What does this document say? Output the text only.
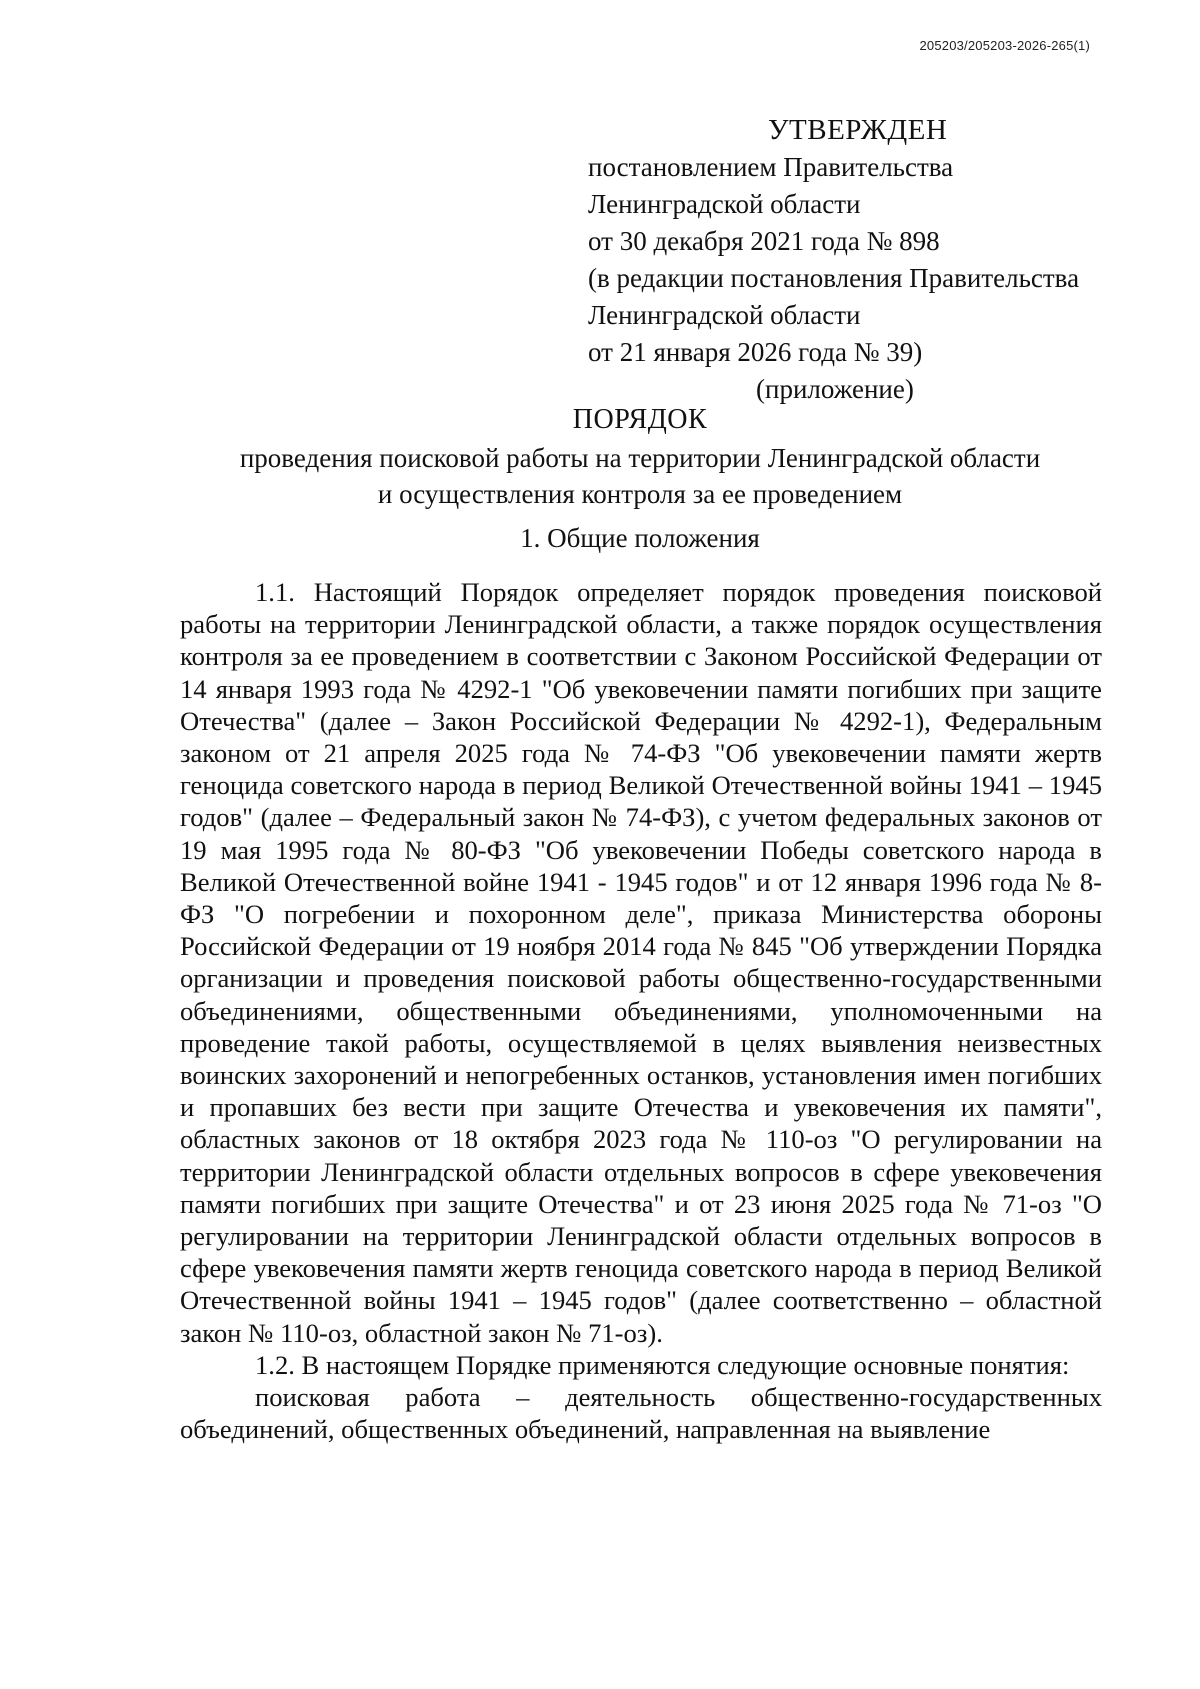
205203/205203-2026-265(1)
УТВЕРЖДЕН
постановлением Правительства
Ленинградской области
от 30 декабря 2021 года № 898
(в редакции постановления Правительства
Ленинградской области
от 21 января 2026 года № 39)
(приложение)
ПОРЯДОК
проведения поисковой работы на территории Ленинградской области
и осуществления контроля за ее проведением
1. Общие положения

1.1. Настоящий Порядок определяет порядок проведения поисковой работы на территории Ленинградской области, а также порядок осуществления контроля за ее проведением в соответствии с Законом Российской Федерации от 14 января 1993 года № 4292-1 "Об увековечении памяти погибших при защите Отечества" (далее – Закон Российской Федерации № 4292-1), Федеральным законом от 21 апреля 2025 года № 74-ФЗ "Об увековечении памяти жертв геноцида советского народа в период Великой Отечественной войны 1941 – 1945 годов" (далее – Федеральный закон № 74-ФЗ), с учетом федеральных законов от 19 мая 1995 года № 80-ФЗ "Об увековечении Победы советского народа в Великой Отечественной войне 1941 - 1945 годов" и от 12 января 1996 года № 8-ФЗ "О погребении и похоронном деле", приказа Министерства обороны Российской Федерации от 19 ноября 2014 года № 845 "Об утверждении Порядка организации и проведения поисковой работы общественно-государственными объединениями, общественными объединениями, уполномоченными на проведение такой работы, осуществляемой в целях выявления неизвестных воинских захоронений и непогребенных останков, установления имен погибших и пропавших без вести при защите Отечества и увековечения их памяти", областных законов от 18 октября 2023 года № 110-оз "О регулировании на территории Ленинградской области отдельных вопросов в сфере увековечения памяти погибших при защите Отечества" и от 23 июня 2025 года № 71-оз "О регулировании на территории Ленинградской области отдельных вопросов в сфере увековечения памяти жертв геноцида советского народа в период Великой Отечественной войны 1941 – 1945 годов" (далее соответственно – областной закон № 110-оз, областной закон № 71-оз).

1.2. В настоящем Порядке применяются следующие основные понятия:

поисковая работа – деятельность общественно-государственных объединений, общественных объединений, направленная на выявление
